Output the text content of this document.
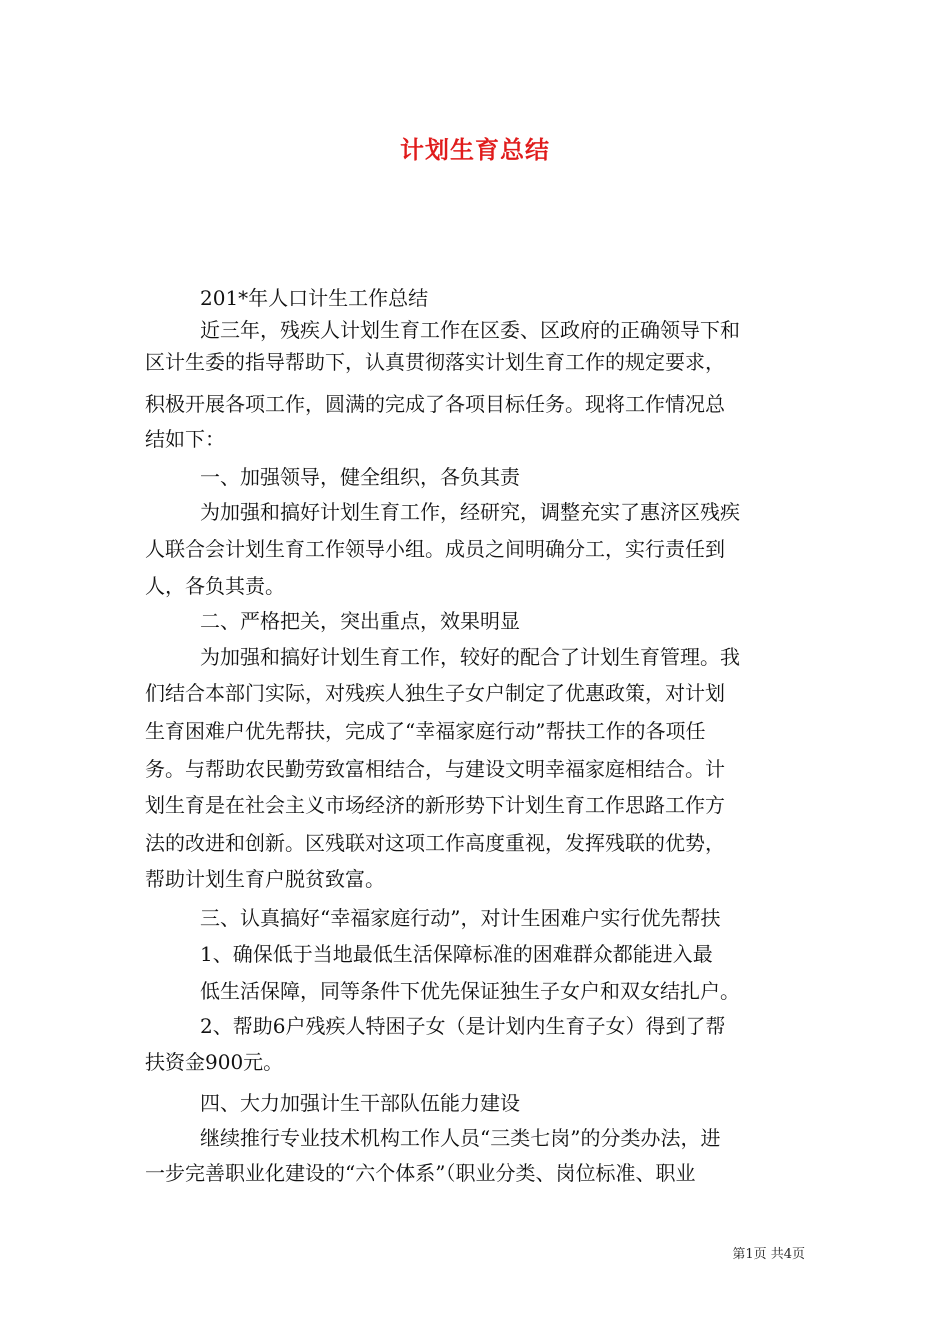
计划生育总结
201*年人口计生工作总结
近三年，残疾人计划生育工作在区委、区政府的正确领导下和
区计生委的指导帮助下，认真贯彻落实计划生育工作的规定要求，
积极开展各项工作，圆满的完成了各项目标任务。现将工作情况总
结如下：
一、加强领导，健全组织，各负其责
为加强和搞好计划生育工作，经研究，调整充实了惠济区残疾
人联合会计划生育工作领导小组。成员之间明确分工，实行责任到
人，各负其责。
二、严格把关，突出重点，效果明显
为加强和搞好计划生育工作，较好的配合了计划生育管理。我
们结合本部门实际，对残疾人独生子女户制定了优惠政策，对计划
生育困难户优先帮扶，完成了“幸福家庭行动”帮扶工作的各项任
务。与帮助农民勤劳致富相结合，与建设文明幸福家庭相结合。计
划生育是在社会主义市场经济的新形势下计划生育工作思路工作方
法的改进和创新。区残联对这项工作高度重视，发挥残联的优势，
帮助计划生育户脱贫致富。
三、认真搞好“幸福家庭行动”，对计生困难户实行优先帮扶
1、确保低于当地最低生活保障标准的困难群众都能进入最
低生活保障，同等条件下优先保证独生子女户和双女结扎户。
2、帮助6户残疾人特困子女（是计划内生育子女）得到了帮
扶资金900元。
四、大力加强计生干部队伍能力建设
继续推行专业技术机构工作人员“三类七岗”的分类办法，进
一步完善职业化建设的“六个体系”（职业分类、岗位标准、职业
第1页 共4页
